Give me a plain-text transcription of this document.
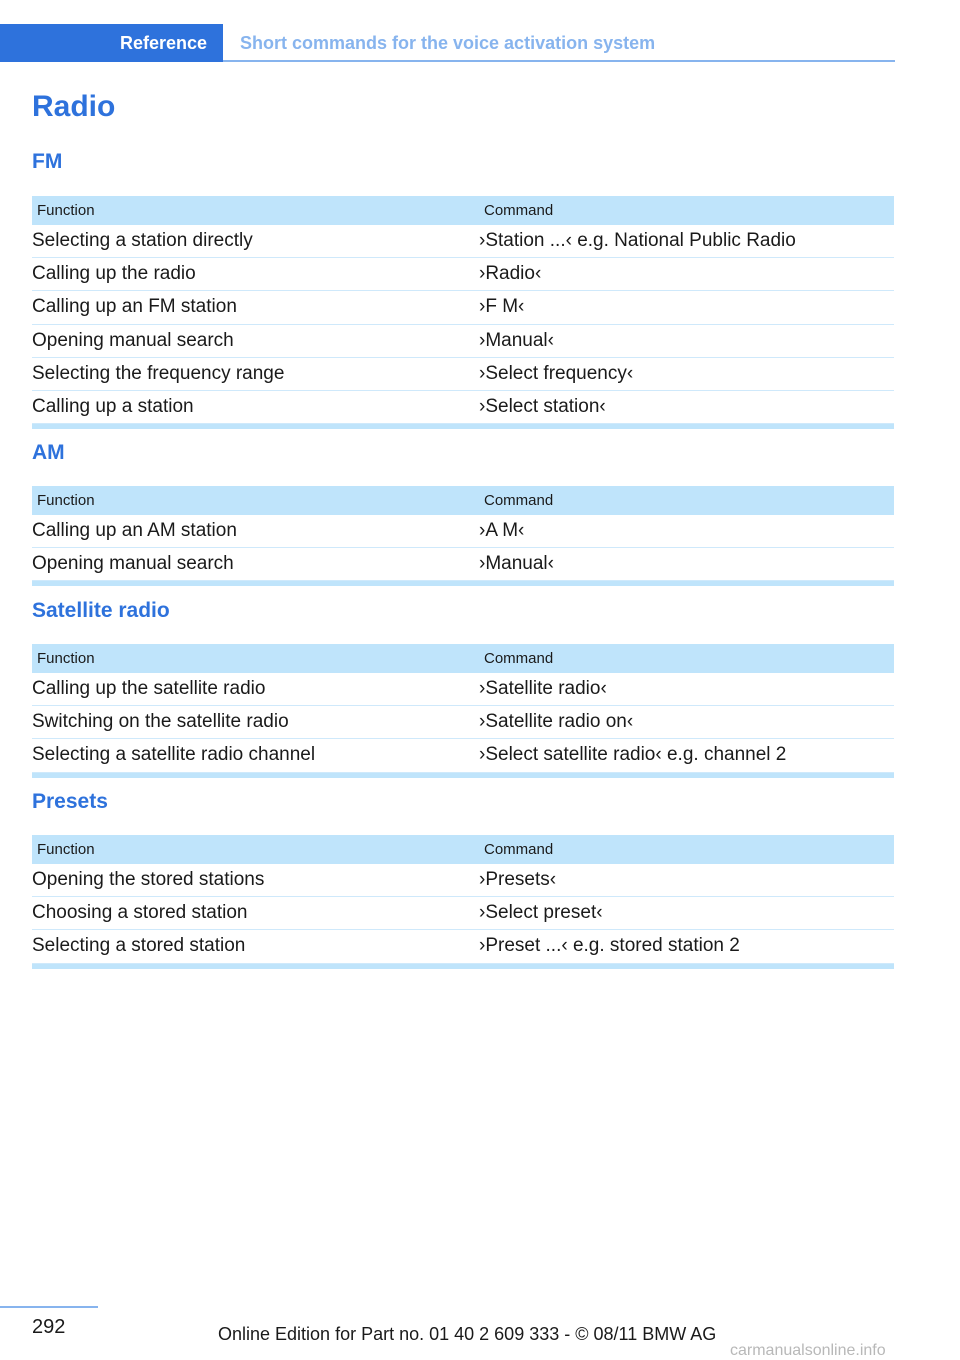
Reference	Short commands for the voice activation system
Radio
FM
Function	Command
Selecting a station directly	›Station ...‹ e.g. National Public Radio
Calling up the radio	›Radio‹
Calling up an FM station	›F M‹
Opening manual search	›Manual‹
Selecting the frequency range	›Select frequency‹
Calling up a station	›Select station‹
AM
Function	Command
Calling up an AM station	›A M‹
Opening manual search	›Manual‹
Satellite radio
Function	Command
Calling up the satellite radio	›Satellite radio‹
Switching on the satellite radio	›Satellite radio on‹
Selecting a satellite radio channel	›Select satellite radio‹ e.g. channel 2
Presets
Function	Command
Opening the stored stations	›Presets‹
Choosing a stored station	›Select preset‹
Selecting a stored station	›Preset ...‹ e.g. stored station 2
292	Online Edition for Part no. 01 40 2 609 333 - © 08/11 BMW AG
carmanualsonline.info
